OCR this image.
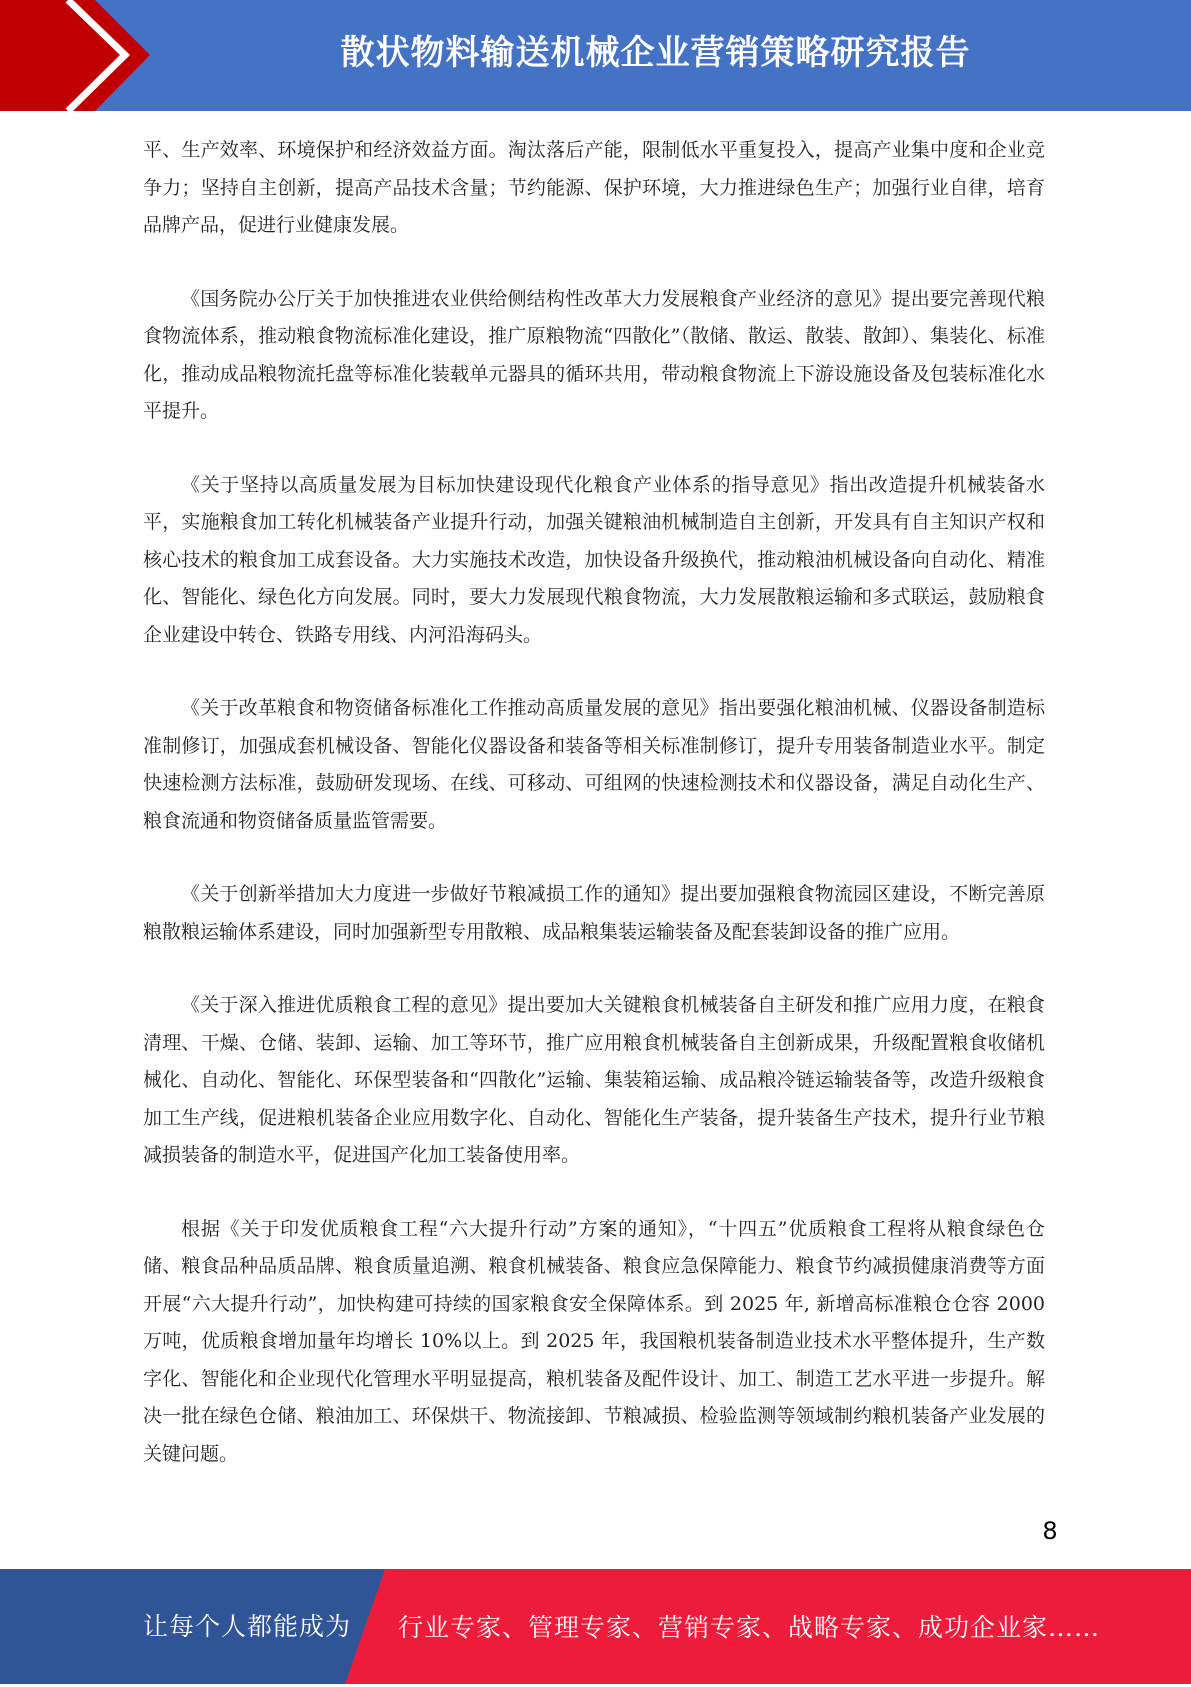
散状物料输送机械企业营销策略研究报告

平、生产效率、环境保护和经济效益方面。淘汰落后产能，限制低水平重复投入，提高产业集中度和企业竞争力；坚持自主创新，提高产品技术含量；节约能源、保护环境，大力推进绿色生产；加强行业自律，培育品牌产品，促进行业健康发展。

《国务院办公厅关于加快推进农业供给侧结构性改革大力发展粮食产业经济的意见》提出要完善现代粮食物流体系，推动粮食物流标准化建设，推广原粮物流“四散化”（散储、散运、散装、散卸）、集装化、标准化，推动成品粮物流托盘等标准化装载单元器具的循环共用，带动粮食物流上下游设施设备及包装标准化水平提升。

《关于坚持以高质量发展为目标加快建设现代化粮食产业体系的指导意见》指出改造提升机械装备水平，实施粮食加工转化机械装备产业提升行动，加强关键粮油机械制造自主创新，开发具有自主知识产权和核心技术的粮食加工成套设备。大力实施技术改造，加快设备升级换代，推动粮油机械设备向自动化、精准化、智能化、绿色化方向发展。同时，要大力发展现代粮食物流，大力发展散粮运输和多式联运，鼓励粮食企业建设中转仓、铁路专用线、内河沿海码头。

《关于改革粮食和物资储备标准化工作推动高质量发展的意见》指出要强化粮油机械、仪器设备制造标准制修订，加强成套机械设备、智能化仪器设备和装备等相关标准制修订，提升专用装备制造业水平。制定快速检测方法标准，鼓励研发现场、在线、可移动、可组网的快速检测技术和仪器设备，满足自动化生产、粮食流通和物资储备质量监管需要。

《关于创新举措加大力度进一步做好节粮减损工作的通知》提出要加强粮食物流园区建设，不断完善原粮散粮运输体系建设，同时加强新型专用散粮、成品粮集装运输装备及配套装卸设备的推广应用。

《关于深入推进优质粮食工程的意见》提出要加大关键粮食机械装备自主研发和推广应用力度，在粮食清理、干燥、仓储、装卸、运输、加工等环节，推广应用粮食机械装备自主创新成果，升级配置粮食收储机械化、自动化、智能化、环保型装备和“四散化”运输、集装箱运输、成品粮冷链运输装备等，改造升级粮食加工生产线，促进粮机装备企业应用数字化、自动化、智能化生产装备，提升装备生产技术，提升行业节粮减损装备的制造水平，促进国产化加工装备使用率。

根据《关于印发优质粮食工程“六大提升行动”方案的通知》，“十四五”优质粮食工程将从粮食绿色仓储、粮食品种品质品牌、粮食质量追溯、粮食机械装备、粮食应急保障能力、粮食节约减损健康消费等方面开展“六大提升行动”，加快构建可持续的国家粮食安全保障体系。到 2025 年, 新增高标准粮仓仓容 2000 万吨，优质粮食增加量年均增长 10%以上。到 2025 年，我国粮机装备制造业技术水平整体提升，生产数字化、智能化和企业现代化管理水平明显提高，粮机装备及配件设计、加工、制造工艺水平进一步提升。解决一批在绿色仓储、粮油加工、环保烘干、物流接卸、节粮减损、检验监测等领域制约粮机装备产业发展的关键问题。

8
让每个人都能成为 行业专家、管理专家、营销专家、战略专家、成功企业家……
